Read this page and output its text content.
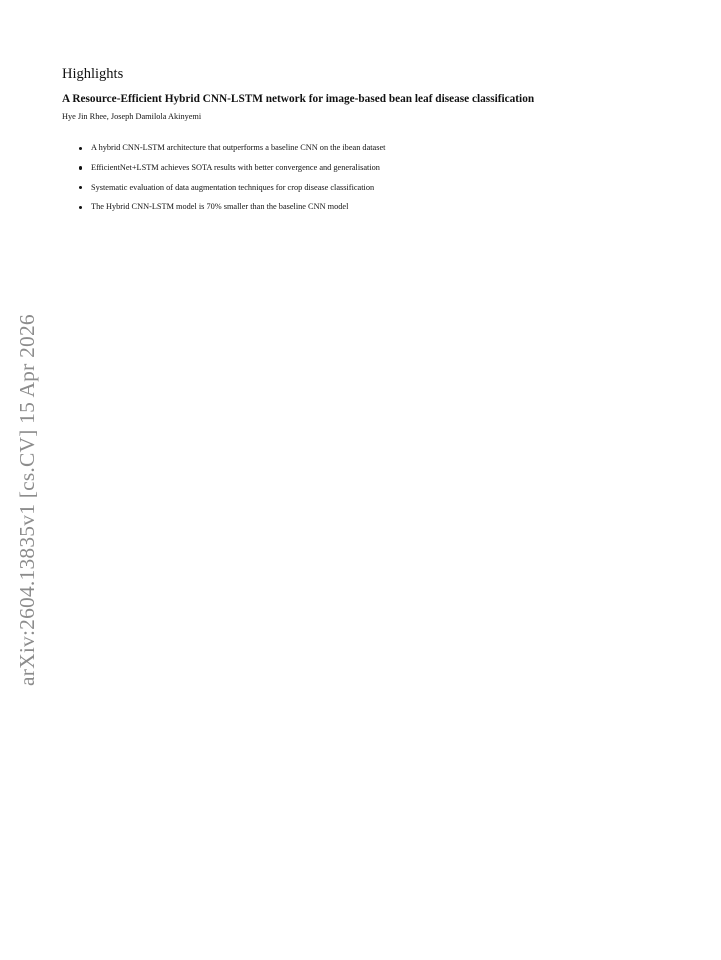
arXiv:2604.13835v1 [cs.CV] 15 Apr 2026
Highlights
A Resource-Efficient Hybrid CNN-LSTM network for image-based bean leaf disease classification
Hye Jin Rhee, Joseph Damilola Akinyemi
A hybrid CNN-LSTM architecture that outperforms a baseline CNN on the ibean dataset
EfficientNet+LSTM achieves SOTA results with better convergence and generalisation
Systematic evaluation of data augmentation techniques for crop disease classification
The Hybrid CNN-LSTM model is 70% smaller than the baseline CNN model
